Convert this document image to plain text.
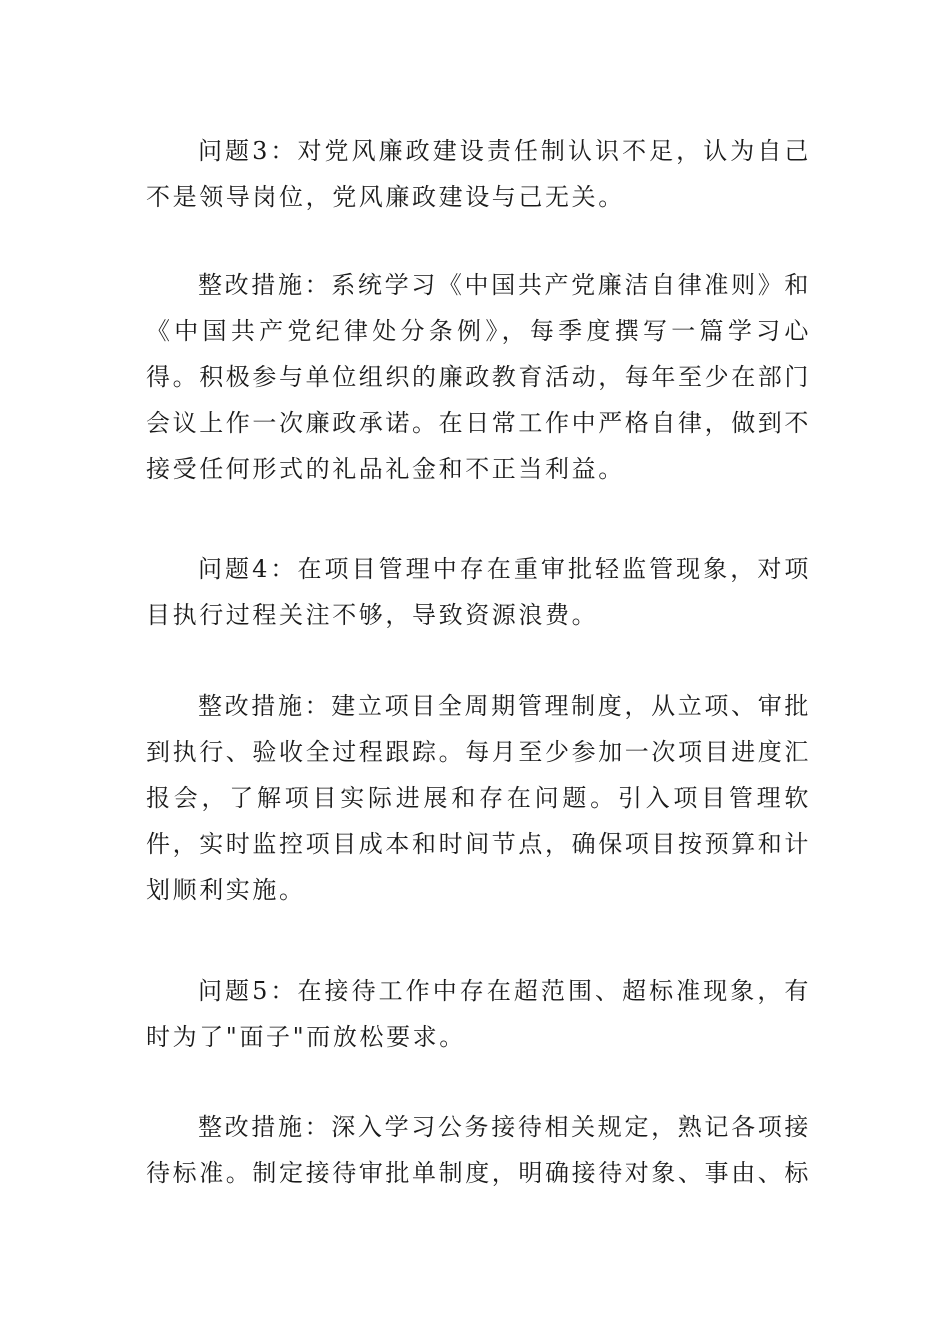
问题3：对党风廉政建设责任制认识不足，认为自己不是领导岗位，党风廉政建设与己无关。

整改措施：系统学习《中国共产党廉洁自律准则》和《中国共产党纪律处分条例》，每季度撰写一篇学习心得。积极参与单位组织的廉政教育活动，每年至少在部门会议上作一次廉政承诺。在日常工作中严格自律，做到不接受任何形式的礼品礼金和不正当利益。

问题4：在项目管理中存在重审批轻监管现象，对项目执行过程关注不够，导致资源浪费。

整改措施：建立项目全周期管理制度，从立项、审批到执行、验收全过程跟踪。每月至少参加一次项目进度汇报会，了解项目实际进展和存在问题。引入项目管理软件，实时监控项目成本和时间节点，确保项目按预算和计划顺利实施。

问题5：在接待工作中存在超范围、超标准现象，有时为了"面子"而放松要求。

整改措施：深入学习公务接待相关规定，熟记各项接待标准。制定接待审批单制度，明确接待对象、事由、标
